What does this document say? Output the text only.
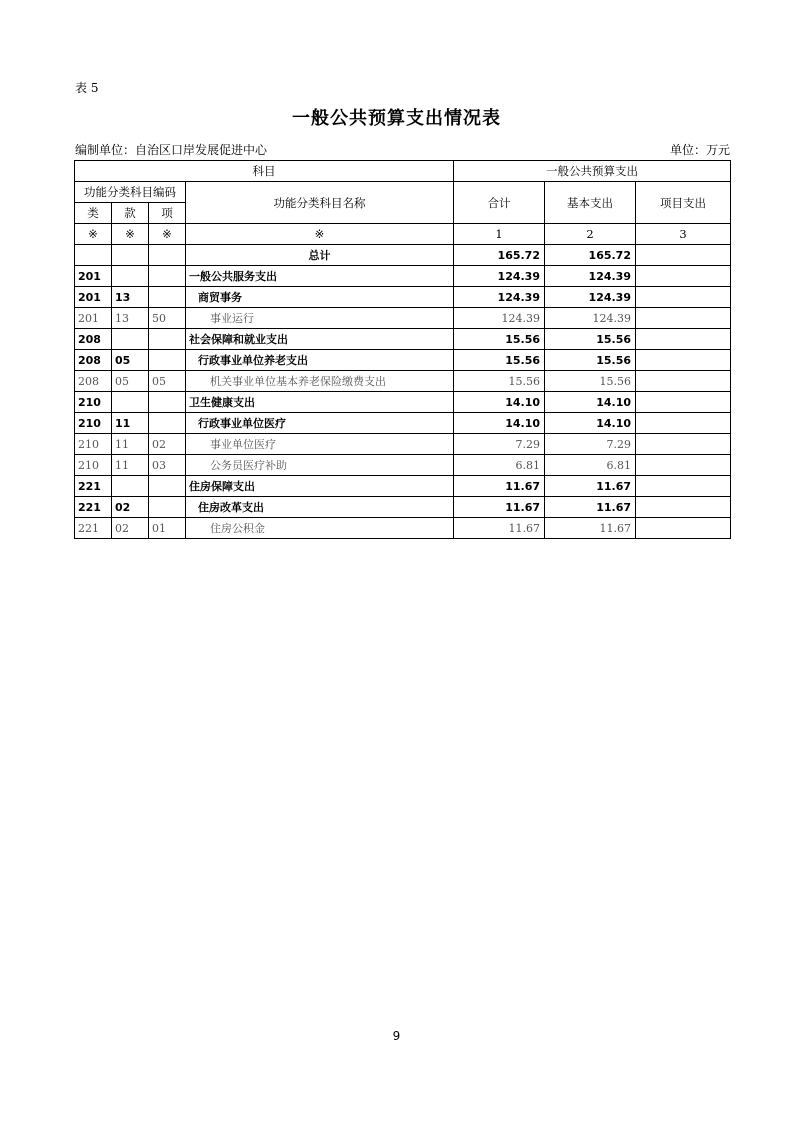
表 5
一般公共预算支出情况表
编制单位：自治区口岸发展促进中心	单位：万元
科目				一般公共预算支出		
功能分类科目编码			功能分类科目名称	合计	基本支出	项目支出
类	款	项				
※	※	※	※	1	2	3
			总计	165.72	165.72	
201			一般公共服务支出	124.39	124.39	
201	13		商贸事务	124.39	124.39	
201	13	50	事业运行	124.39	124.39	
208			社会保障和就业支出	15.56	15.56	
208	05		行政事业单位养老支出	15.56	15.56	
208	05	05	机关事业单位基本养老保险缴费支出	15.56	15.56	
210			卫生健康支出	14.10	14.10	
210	11		行政事业单位医疗	14.10	14.10	
210	11	02	事业单位医疗	7.29	7.29	
210	11	03	公务员医疗补助	6.81	6.81	
221			住房保障支出	11.67	11.67	
221	02		住房改革支出	11.67	11.67	
221	02	01	住房公积金	11.67	11.67	
9
